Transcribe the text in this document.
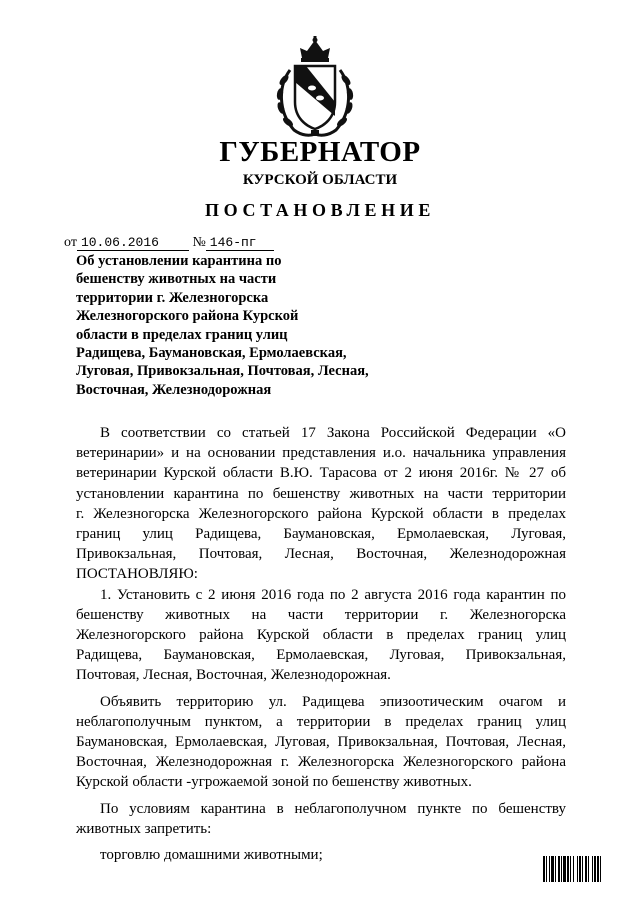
ГУБЕРНАТОР
КУРСКОЙ ОБЛАСТИ
ПОСТАНОВЛЕНИЕ
от 10.06.2016 № 146-пг
Об установлении карантина по
бешенству животных на части
территории г. Железногорска
Железногорского района Курской
области в пределах границ улиц
Радищева, Баумановская, Ермолаевская,
Луговая, Привокзальная, Почтовая, Лесная,
Восточная, Железнодорожная
В соответствии со статьей 17 Закона Российской Федерации «О
ветеринарии» и на основании представления и.о. начальника управления
ветеринарии Курской области В.Ю. Тарасова от 2 июня 2016г. № 27 об
установлении карантина по бешенству животных на части территории
г. Железногорска Железногорского района Курской области в пределах
границ улиц Радищева, Баумановская, Ермолаевская, Луговая,
Привокзальная, Почтовая, Лесная, Восточная, Железнодорожная
ПОСТАНОВЛЯЮ:
1. Установить с 2 июня 2016 года по 2 августа 2016 года карантин по
бешенству животных на части территории г. Железногорска
Железногорского района Курской области в пределах границ улиц
Радищева, Баумановская, Ермолаевская, Луговая, Привокзальная,
Почтовая, Лесная, Восточная, Железнодорожная.
Объявить территорию ул. Радищева эпизоотическим очагом и
неблагополучным пунктом, а территории в пределах границ улиц
Баумановская, Ермолаевская, Луговая, Привокзальная, Почтовая, Лесная,
Восточная, Железнодорожная г. Железногорска Железногорского района
Курской области -угрожаемой зоной по бешенству животных.
По условиям карантина в неблагополучном пункте по бешенству
животных запретить:
торговлю домашними животными;
